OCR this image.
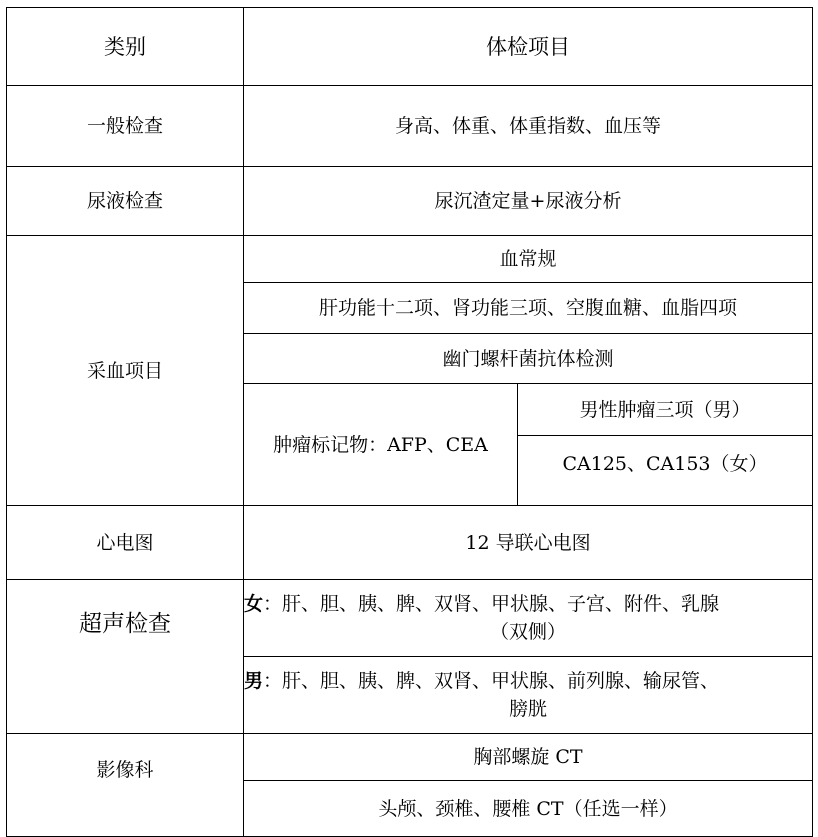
类别	体检项目	
一般检查	身高、体重、体重指数、血压等	
尿液检查	尿沉渣定量+尿液分析	
采血项目	血常规	
	肝功能十二项、肾功能三项、空腹血糖、血脂四项	
	幽门螺杆菌抗体检测	
	肿瘤标记物：AFP、CEA	男性肿瘤三项（男）
		CA125、CA153（女）
心电图	12 导联心电图	
超声检查	女：肝、胆、胰、脾、双肾、甲状腺、子宫、附件、乳腺
（双侧）	

	男：肝、胆、胰、脾、双肾、甲状腺、前列腺、输尿管、
膀胱	

影像科	胸部螺旋 CT	
	头颅、颈椎、腰椎 CT（任选一样）	
